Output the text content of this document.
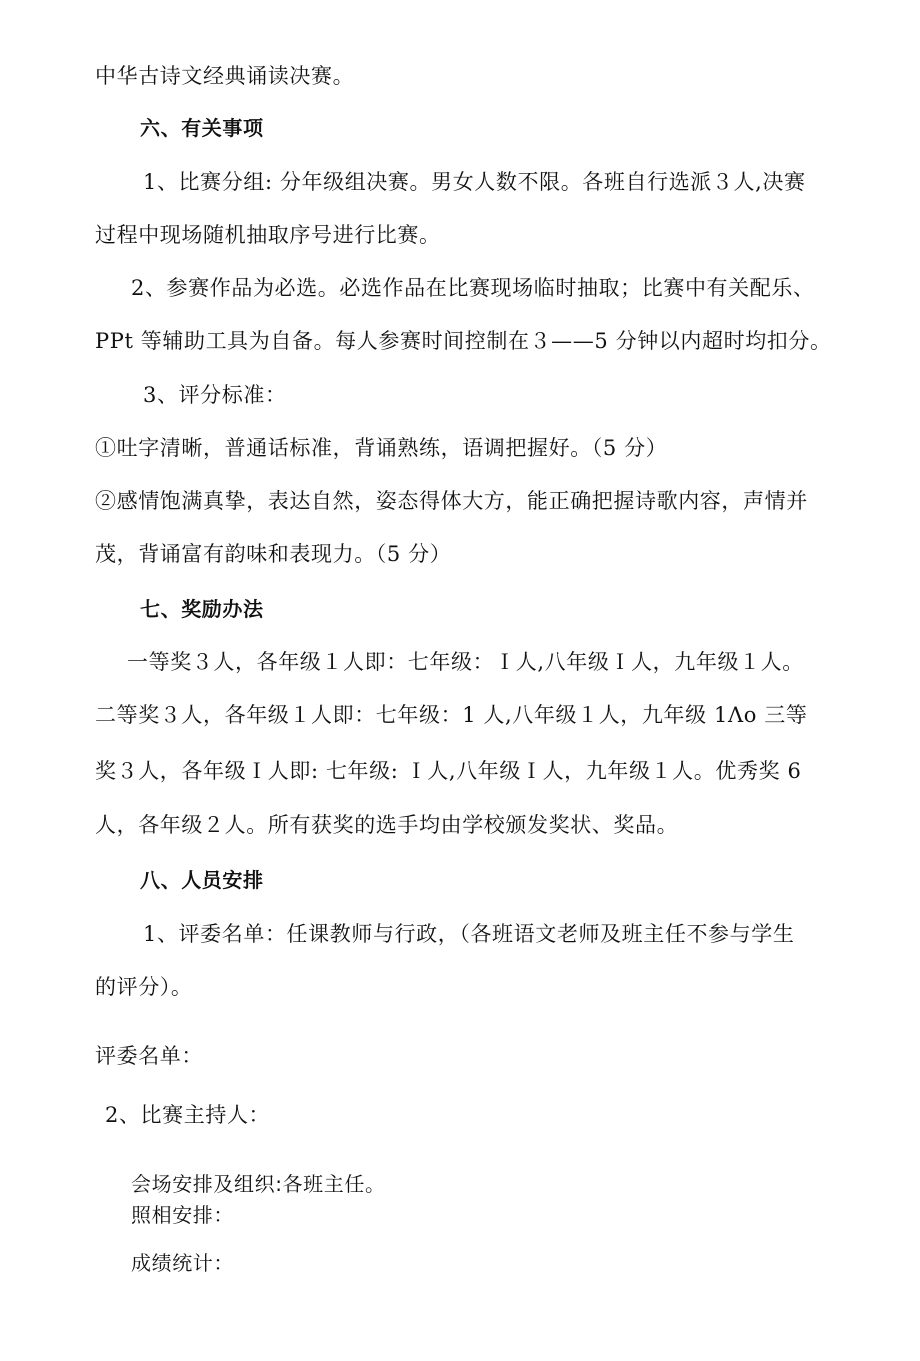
中华古诗文经典诵读决赛。
六、有关事项
1、比赛分组: 分年级组决赛。男女人数不限。各班自行选派３人,决赛
过程中现场随机抽取序号进行比赛。
2、参赛作品为必选。必选作品在比赛现场临时抽取；比赛中有关配乐、
PPt 等辅助工具为自备。每人参赛时间控制在３——5 分钟以内超时均扣分。
3、评分标准：
①吐字清晰，普通话标准，背诵熟练，语调把握好。（5 分）
②感情饱满真挚，表达自然，姿态得体大方，能正确把握诗歌内容，声情并
茂，背诵富有韵味和表现力。（5 分）
七、奖励办法
一等奖３人，各年级１人即：七年级：Ｉ人,八年级Ｉ人，九年级１人。
二等奖３人，各年级１人即：七年级：1 人,八年级１人，九年级 1Λo 三等
奖３人，各年级Ｉ人即: 七年级: Ｉ人,八年级Ｉ人，九年级１人。优秀奖 6
人，各年级２人。所有获奖的选手均由学校颁发奖状、奖品。
八、人员安排
1、评委名单：任课教师与行政，（各班语文老师及班主任不参与学生
的评分）。
评委名单：
2、比赛主持人：
会场安排及组织:各班主任。
照相安排：
成绩统计：
